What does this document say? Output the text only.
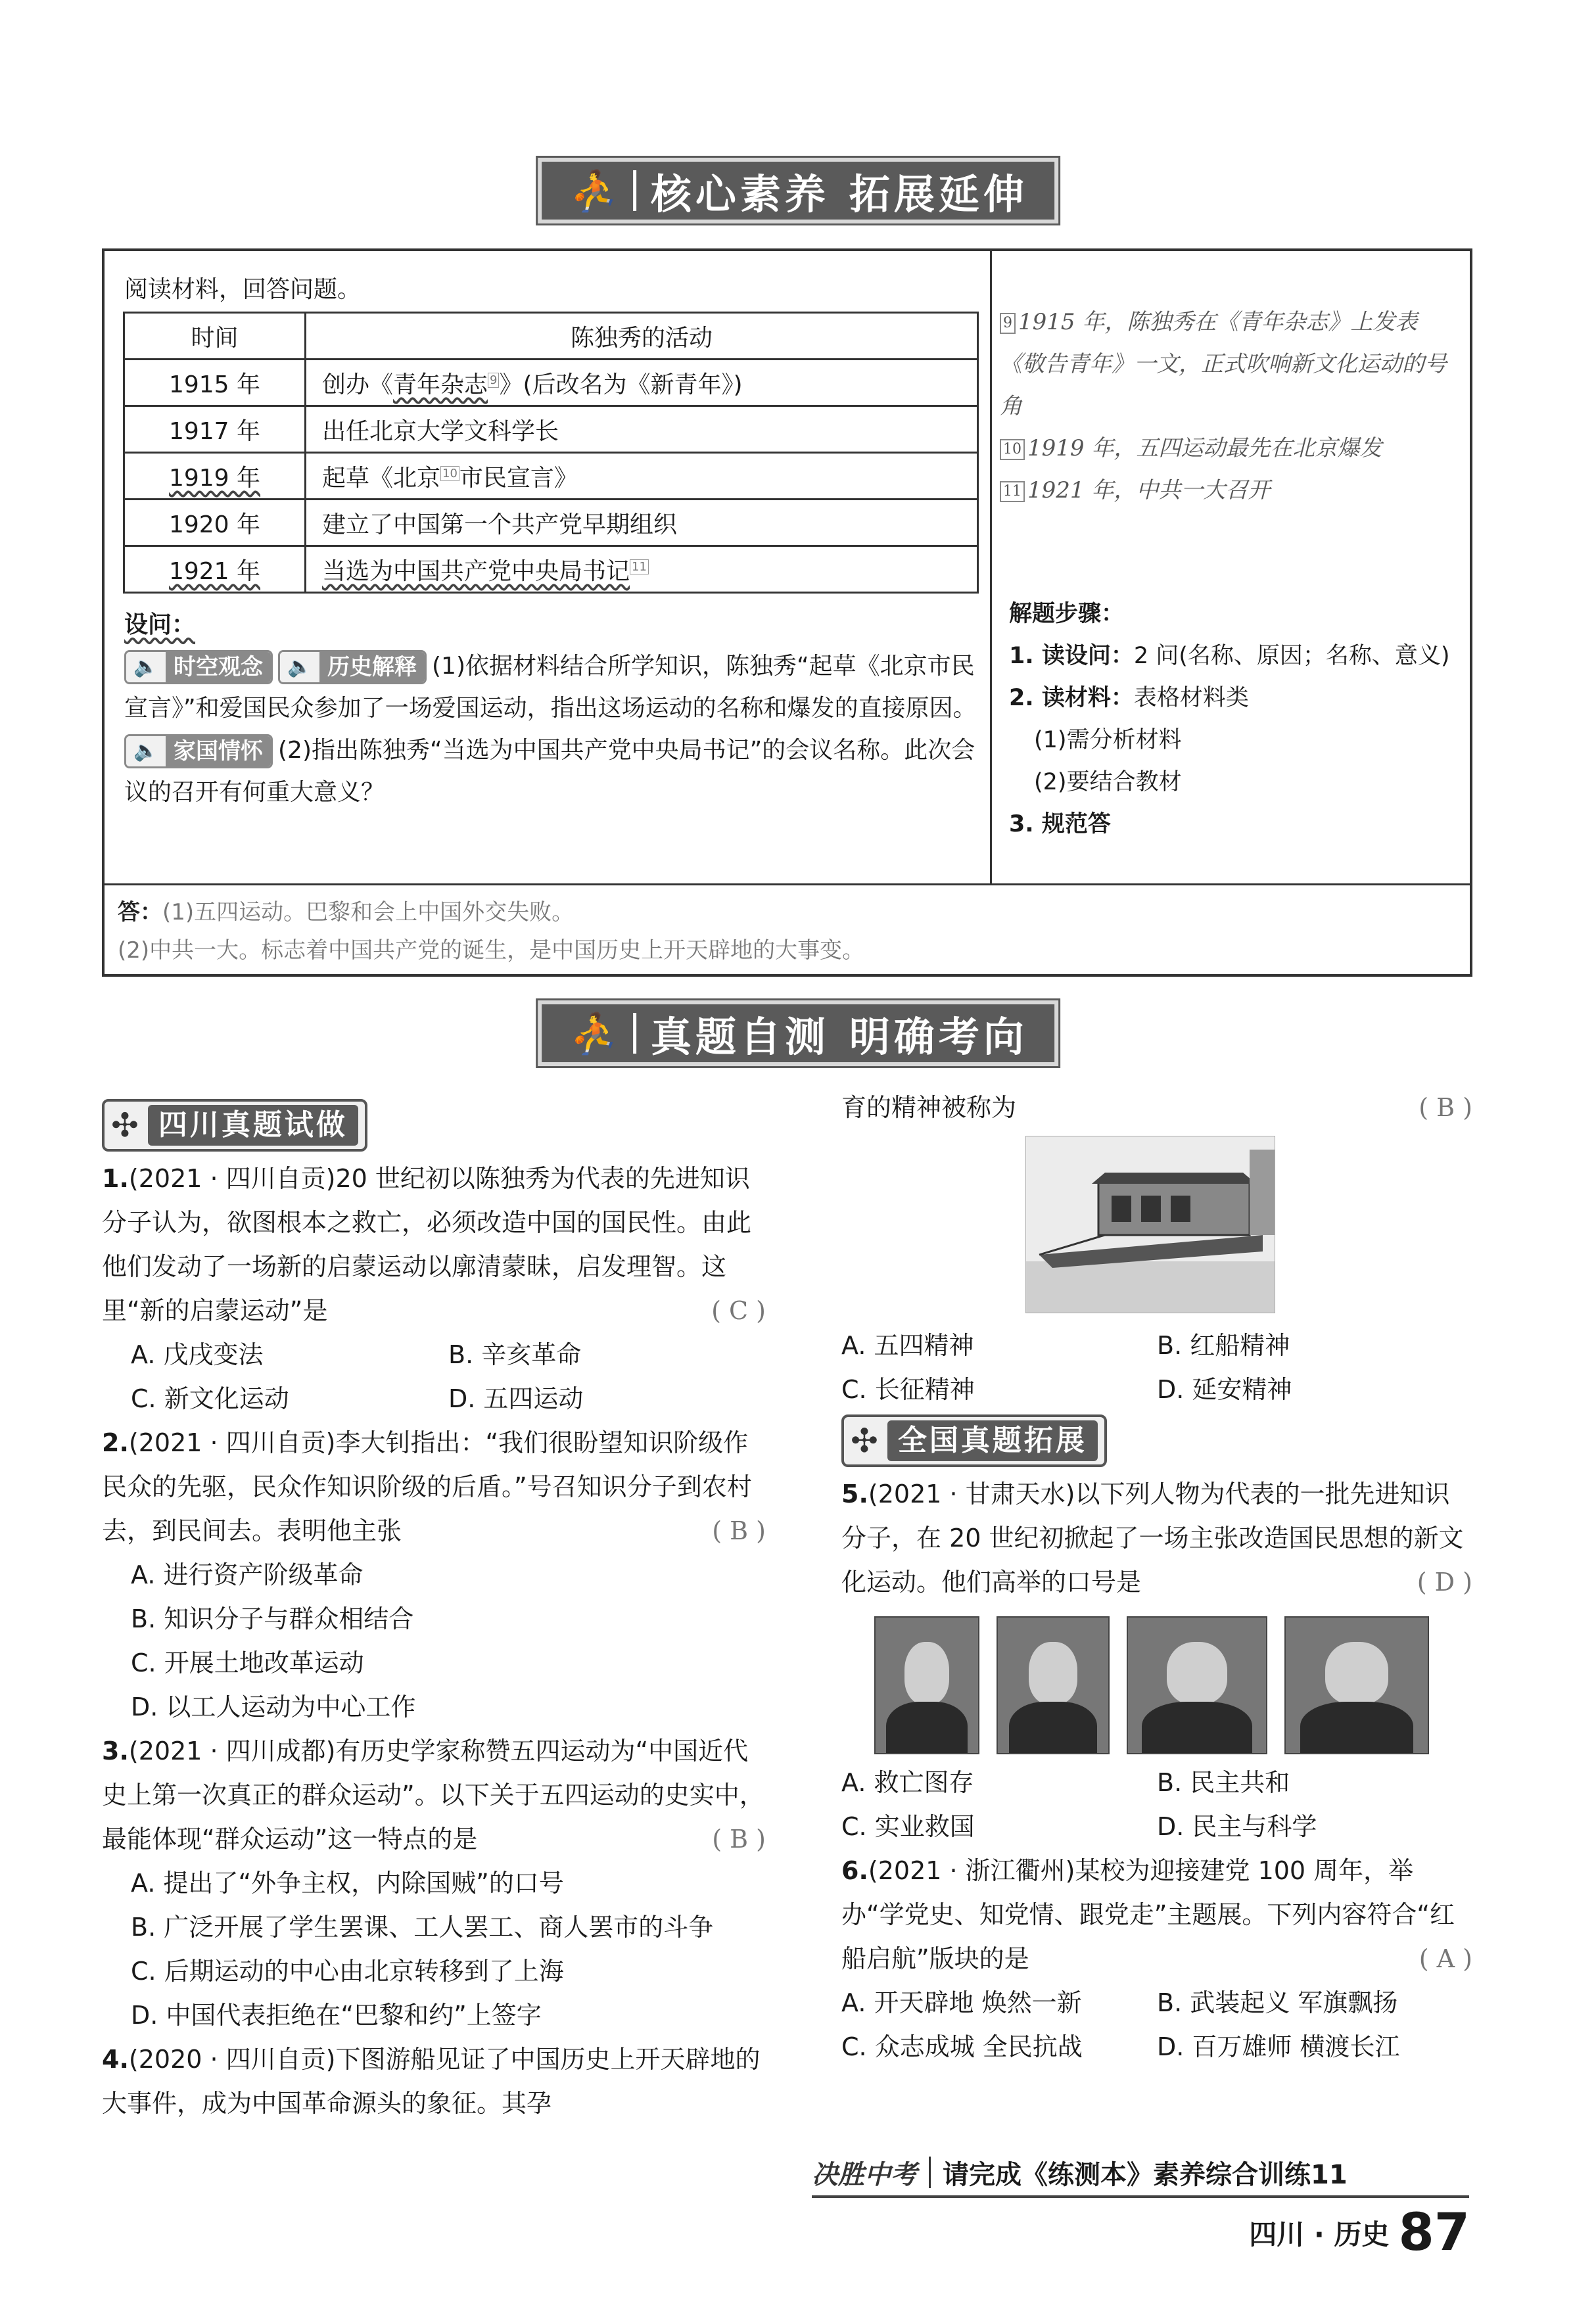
⛹ 核心素养 拓展延伸
阅读材料，回答问题。
时间	陈独秀的活动
1915 年	创办《青年杂志 $^9$》(后改名为《新青年》)
1917 年	出任北京大学文科学长
1919 年	起草《北京 $^{10}$市民宣言》
1920 年	建立了中国第一个共产党早期组织
1921 年	当选为中国共产党中央局书记 $^{11}$
设问：
🔈 时空观念	🔈 历史解释 (1)依据材料结合所学知识，陈独秀“起草《北京市民宣言》”和爱国民众参加了一场爱国运动，指出这场运动的名称和爆发的直接原因。

🔈 家国情怀 (2)指出陈独秀“当选为中国共产党中央局书记”的会议名称。此次会议的召开有何重大意义？
9 1915 年，陈独秀在《青年杂志》上发表《敬告青年》一文，正式吹响新文化运动的号角
10 1919 年，五四运动最先在北京爆发
11 1921 年，中共一大召开
解题步骤：
1. 读设问：2 问(名称、原因；名称、意义)
2. 读材料：表格材料类
(1)需分析材料
(2)要结合教材
3. 规范答
答：(1)五四运动。巴黎和会上中国外交失败。
(2)中共一大。标志着中国共产党的诞生，是中国历史上开天辟地的大事变。
⛹ 真题自测 明确考向
✣ 四川真题试做
1.(2021 · 四川自贡)20 世纪初以陈独秀为代表的先进知识分子认为，欲图根本之救亡，必须改造中国的国民性。由此他们发动了一场新的启蒙运动以廓清蒙昧，启发理智。这里“新的启蒙运动”是	( C )
A. 戊戌变法	B. 辛亥革命
C. 新文化运动	D. 五四运动
2.(2021 · 四川自贡)李大钊指出：“我们很盼望知识阶级作民众的先驱，民众作知识阶级的后盾。”号召知识分子到农村去，到民间去。表明他主张	( B )
A. 进行资产阶级革命
B. 知识分子与群众相结合
C. 开展土地改革运动
D. 以工人运动为中心工作
3.(2021 · 四川成都)有历史学家称赞五四运动为“中国近代史上第一次真正的群众运动”。以下关于五四运动的史实中，最能体现“群众运动”这一特点的是	( B )
A. 提出了“外争主权，内除国贼”的口号
B. 广泛开展了学生罢课、工人罢工、商人罢市的斗争
C. 后期运动的中心由北京转移到了上海
D. 中国代表拒绝在“巴黎和约”上签字
4.(2020 · 四川自贡)下图游船见证了中国历史上开天辟地的大事件，成为中国革命源头的象征。其孕
育的精神被称为	( B )
A. 五四精神	B. 红船精神
C. 长征精神	D. 延安精神
✣ 全国真题拓展
5.(2021 · 甘肃天水)以下列人物为代表的一批先进知识分子，在 20 世纪初掀起了一场主张改造国民思想的新文化运动。他们高举的口号是	( D )
A. 救亡图存	B. 民主共和
C. 实业救国	D. 民主与科学
6.(2021 · 浙江衢州)某校为迎接建党 100 周年，举办“学党史、知党情、跟党走”主题展。下列内容符合“红船启航”版块的是	( A )
A. 开天辟地 焕然一新	B. 武装起义 军旗飘扬
C. 众志成城 全民抗战	D. 百万雄师 横渡长江
决胜中考 请完成《练测本》素养综合训练11
四川 · 历史 87
